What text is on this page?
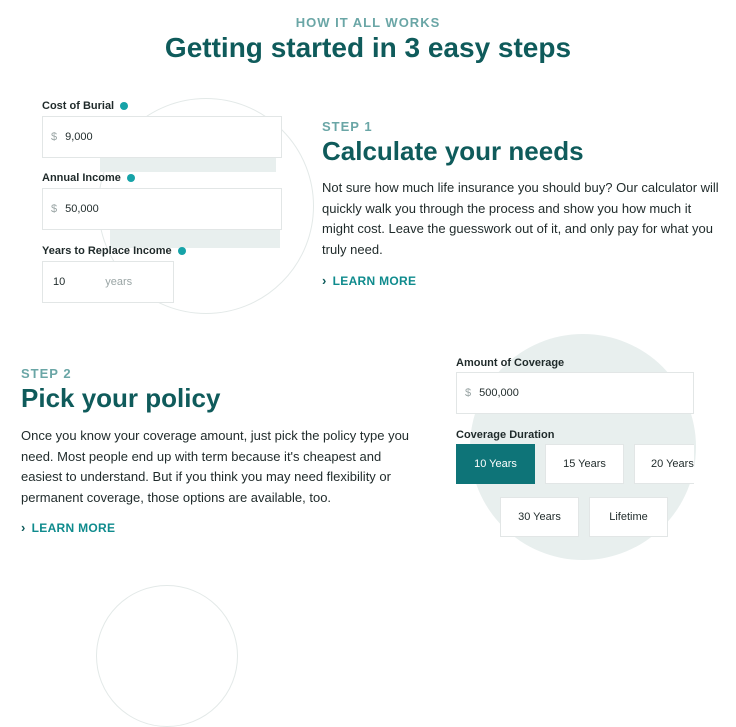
HOW IT ALL WORKS
Getting started in 3 easy steps
Cost of Burial
$ 9,000
Annual Income
$ 50,000
Years to Replace Income
10	years
STEP 1
Calculate your needs
Not sure how much life insurance you should buy? Our calculator will quickly walk you through the process and show you how much it might cost. Leave the guesswork out of it, and only pay for what you truly need.
› LEARN MORE
STEP 2
Pick your policy
Once you know your coverage amount, just pick the policy type you need. Most people end up with term because it's cheapest and easiest to understand. But if you think you may need flexibility or permanent coverage, those options are available, too.
› LEARN MORE
Amount of Coverage
$ 500,000
Coverage Duration
10 Years	15 Years	20 Years
30 Years	Lifetime
